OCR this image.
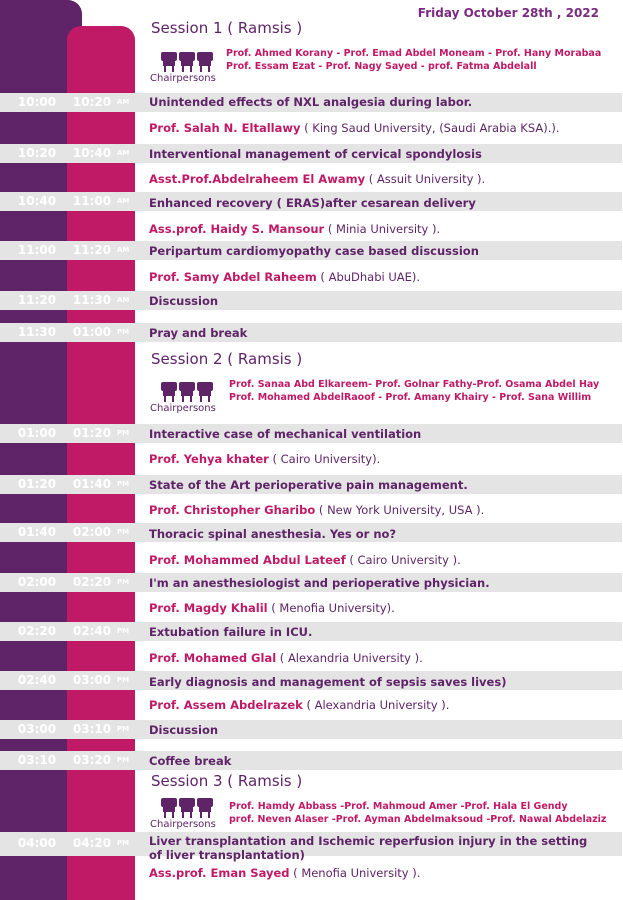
Friday October 28th , 2022
Session 1 ( Ramsis )
Chairpersons
Prof. Ahmed Korany - Prof. Emad Abdel Moneam - Prof. Hany Morabaa
Prof. Essam Ezat - Prof. Nagy Sayed - prof. Fatma Abdelall
10:00	10:20 AM Unintended effects of NXL analgesia during labor.
Prof. Salah N. Eltallawy ( King Saud University, (Saudi Arabia KSA).).
10:20	10:40 AM Interventional management of cervical spondylosis
Asst.Prof.Abdelraheem El Awamy ( Assuit University ).
10:40	11:00 AM Enhanced recovery ( ERAS)after cesarean delivery
Ass.prof. Haidy S. Mansour ( Minia University ).
11:00	11:20 AM Peripartum cardiomyopathy case based discussion
Prof. Samy Abdel Raheem ( AbuDhabi UAE).
11:20	11:30 AM Discussion
11:30	01:00 PM Pray and break
Session 2 ( Ramsis )
Chairpersons
Prof. Sanaa Abd Elkareem- Prof. Golnar Fathy-Prof. Osama Abdel Hay
Prof. Mohamed AbdelRaoof - Prof. Amany Khairy - Prof. Sana Willim
01:00	01:20 PM Interactive case of mechanical ventilation
Prof. Yehya khater ( Cairo University).
01:20	01:40 PM State of the Art perioperative pain management.
Prof. Christopher Gharibo ( New York University, USA ).
01:40	02:00 PM Thoracic spinal anesthesia. Yes or no?
Prof. Mohammed Abdul Lateef ( Cairo University ).
02:00	02:20 PM I'm an anesthesiologist and perioperative physician.
Prof. Magdy Khalil ( Menofia University).
02:20	02:40 PM Extubation failure in ICU.
Prof. Mohamed Glal ( Alexandria University ).
02:40	03:00 PM Early diagnosis and management of sepsis saves lives)
Prof. Assem Abdelrazek ( Alexandria University ).
03:00	03:10 PM Discussion
03:10	03:20 PM Coffee break
Session 3 ( Ramsis )
Chairpersons
Prof. Hamdy Abbass -Prof. Mahmoud Amer -Prof. Hala El Gendy
prof. Neven Alaser -Prof. Ayman Abdelmaksoud -Prof. Nawal Abdelaziz
04:00	04:20 PM Liver transplantation and Ischemic reperfusion injury in the setting
of liver transplantation)
Ass.prof. Eman Sayed ( Menofia University ).
